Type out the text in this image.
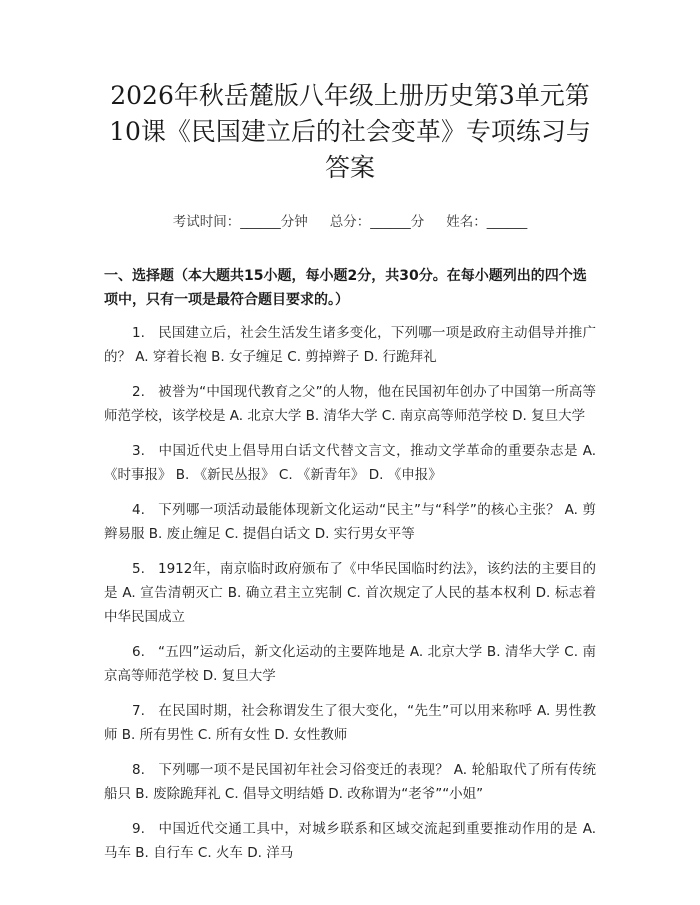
2026年秋岳麓版八年级上册历史第3单元第10课《民国建立后的社会变革》专项练习与答案
考试时间：______分钟 总分：______分 姓名：______
一、选择题（本大题共15小题，每小题2分，共30分。在每小题列出的四个选项中，只有一项是最符合题目要求的。）

1. 民国建立后，社会生活发生诸多变化，下列哪一项是政府主动倡导并推广的？ A. 穿着长袍 B. 女子缠足 C. 剪掉辫子 D. 行跪拜礼

2. 被誉为“中国现代教育之父”的人物，他在民国初年创办了中国第一所高等师范学校，该学校是 A. 北京大学 B. 清华大学 C. 南京高等师范学校 D. 复旦大学

3. 中国近代史上倡导用白话文代替文言文，推动文学革命的重要杂志是 A. 《时事报》 B. 《新民丛报》 C. 《新青年》 D. 《申报》

4. 下列哪一项活动最能体现新文化运动“民主”与“科学”的核心主张？ A. 剪辫易服 B. 废止缠足 C. 提倡白话文 D. 实行男女平等

5. 1912年，南京临时政府颁布了《中华民国临时约法》，该约法的主要目的是 A. 宣告清朝灭亡 B. 确立君主立宪制 C. 首次规定了人民的基本权利 D. 标志着中华民国成立

6. “五四”运动后，新文化运动的主要阵地是 A. 北京大学 B. 清华大学 C. 南京高等师范学校 D. 复旦大学

7. 在民国时期，社会称谓发生了很大变化，“先生”可以用来称呼 A. 男性教师 B. 所有男性 C. 所有女性 D. 女性教师

8. 下列哪一项不是民国初年社会习俗变迁的表现？ A. 轮船取代了所有传统船只 B. 废除跪拜礼 C. 倡导文明结婚 D. 改称谓为“老爷”“小姐”

9. 中国近代交通工具中，对城乡联系和区域交流起到重要推动作用的是 A. 马车 B. 自行车 C. 火车 D. 洋马
